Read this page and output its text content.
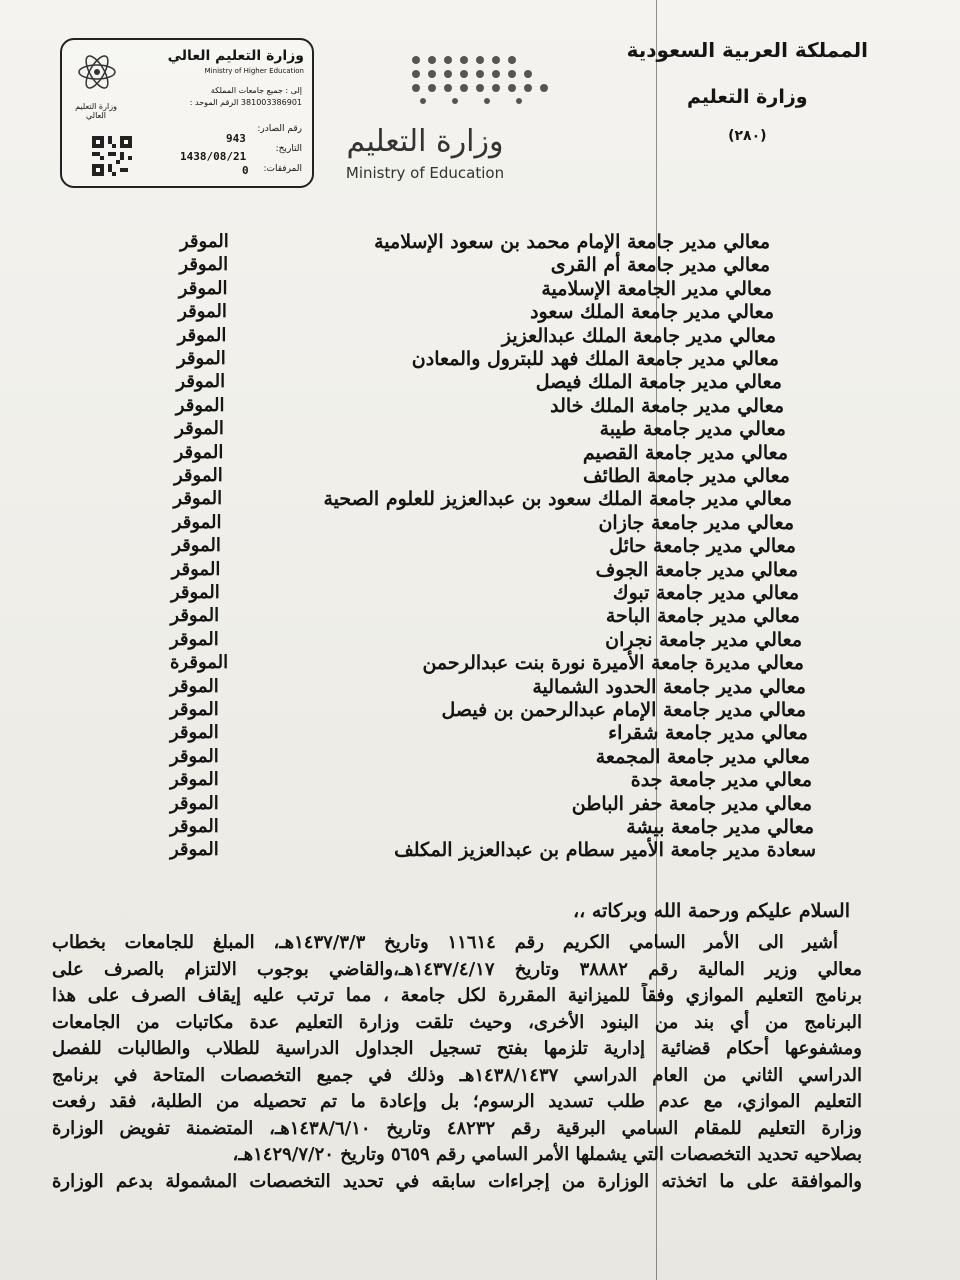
المملكة العربية السعودية
وزارة التعليم
(٢٨٠)
وزارة التعليم
Ministry of Education
وزارة التعليم العالي
Ministry of Higher Education
إلى : جميع جامعات المملكة
381003386901 الرقم الموحد :
رقم الصادر:
943
التاريخ:
1438/08/21
المرفقات:
0
وزارة التعليم العالي
معالي مدير جامعة الإمام محمد بن سعود الإسلامية
الموقر
معالي مدير جامعة أم القرى
الموقر
معالي مدير الجامعة الإسلامية
الموقر
معالي مدير جامعة الملك سعود
الموقر
معالي مدير جامعة الملك عبدالعزيز
الموقر
معالي مدير جامعة الملك فهد للبترول والمعادن
الموقر
معالي مدير جامعة الملك فيصل
الموقر
معالي مدير جامعة الملك خالد
الموقر
معالي مدير جامعة طيبة
الموقر
معالي مدير جامعة القصيم
الموقر
معالي مدير جامعة الطائف
الموقر
معالي مدير جامعة الملك سعود بن عبدالعزيز للعلوم الصحية
الموقر
معالي مدير جامعة جازان
الموقر
معالي مدير جامعة حائل
الموقر
معالي مدير جامعة الجوف
الموقر
معالي مدير جامعة تبوك
الموقر
معالي مدير جامعة الباحة
الموقر
معالي مدير جامعة نجران
الموقر
معالي مديرة جامعة الأميرة نورة بنت عبدالرحمن
الموقرة
معالي مدير جامعة الحدود الشمالية
الموقر
معالي مدير جامعة الإمام عبدالرحمن بن فيصل
الموقر
معالي مدير جامعة شقراء
الموقر
معالي مدير جامعة المجمعة
الموقر
معالي مدير جامعة جدة
الموقر
معالي مدير جامعة حفر الباطن
الموقر
معالي مدير جامعة بيشة
الموقر
سعادة مدير جامعة الأمير سطام بن عبدالعزيز المكلف
الموقر
السلام عليكم ورحمة الله وبركاته ،،
أشير الى الأمر السامي الكريم رقم ١١٦١٤ وتاريخ ١٤٣٧/٣/٣هـ، المبلغ للجامعات بخطاب
معالي وزير المالية رقم ٣٨٨٨٢ وتاريخ ١٤٣٧/٤/١٧هـ،والقاضي بوجوب الالتزام بالصرف على
برنامج التعليم الموازي وفقاً للميزانية المقررة لكل جامعة ، مما ترتب عليه إيقاف الصرف على هذا
البرنامج من أي بند من البنود الأخرى، وحيث تلقت وزارة التعليم عدة مكاتبات من الجامعات
ومشفوعها أحكام قضائية إدارية تلزمها بفتح تسجيل الجداول الدراسية للطلاب والطالبات للفصل
الدراسي الثاني من العام الدراسي ١٤٣٨/١٤٣٧هـ وذلك في جميع التخصصات المتاحة في برنامج
التعليم الموازي، مع عدم طلب تسديد الرسوم؛ بل وإعادة ما تم تحصيله من الطلبة، فقد رفعت
وزارة التعليم للمقام السامي البرقية رقم ٤٨٢٣٢ وتاريخ ١٤٣٨/٦/١٠هـ، المتضمنة تفويض الوزارة
بصلاحيه تحديد التخصصات التي يشملها الأمر السامي رقم ٥٦٥٩ وتاريخ ١٤٢٩/٧/٢٠هـ،
والموافقة على ما اتخذته الوزارة من إجراءات سابقه في تحديد التخصصات المشمولة بدعم الوزارة
